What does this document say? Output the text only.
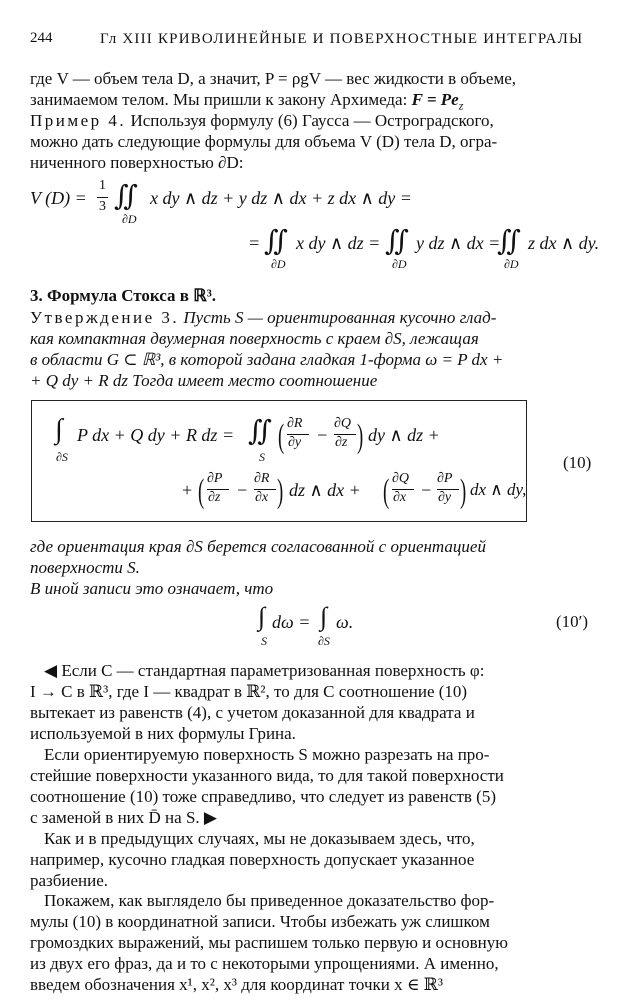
244	Гл XIII КРИВОЛИНЕЙНЫЕ И ПОВЕРХНОСТНЫЕ ИНТЕГРАЛЫ
где V — объем тела D, а значит, P = ρgV — вес жидкости в объеме,
занимаемом телом. Мы пришли к закону Архимеда: $F = Pe_z$
Пример 4. Используя формулу (6) Гаусса — Остроградского,
можно дать следующие формулы для объема V (D) тела D, огра-
ниченного поверхностью ∂D:
V (D) =
1
3 ∬
∂D
x dy ∧ dz + y dz ∧ dx + z dx ∧ dy =
= ∬
∂D
x dy ∧ dz = ∬
∂D
y dz ∧ dx =
∬
∂D
z dx ∧ dy.
3. Формула Стокса в ℝ³.
Утверждение 3. Пусть S — ориентированная кусочно глад-
кая компактная двумерная поверхность с краем ∂S, лежащая
в области G ⊂ ℝ³, в которой задана гладкая 1-форма ω = P dx +
+ Q dy + R dz Тогда имеет место соотношение
∫
∂S
P dx + Q dy + R dz = ∬
S
( ∂R
∂y −
∂Q
∂z ) dy ∧ dz +
+ ( ∂P
∂z −
∂R
∂x ) dz ∧ dx + ( ∂Q
∂x −
∂P
∂y ) dx ∧ dy,
(10)
где ориентация края ∂S берется согласованной с ориентацией
поверхности S.
В иной записи это означает, что
∫
S
dω = ∫
∂S
ω.	(10′)
◀ Если C — стандартная параметризованная поверхность φ:
I → C в ℝ³, где I — квадрат в ℝ², то для C соотношение (10)
вытекает из равенств (4), с учетом доказанной для квадрата и
используемой в них формулы Грина.
Если ориентируемую поверхность S можно разрезать на про-
стейшие поверхности указанного вида, то для такой поверхности
соотношение (10) тоже справедливо, что следует из равенств (5)
с заменой в них D̄ на S. ▶
Как и в предыдущих случаях, мы не доказываем здесь, что,
например, кусочно гладкая поверхность допускает указанное
разбиение.
Покажем, как выглядело бы приведенное доказательство фор-
мулы (10) в координатной записи. Чтобы избежать уж слишком
громоздких выражений, мы распишем только первую и основную
из двух его фраз, да и то с некоторыми упрощениями. А именно,
введем обозначения x¹, x², x³ для координат точки x ∈ ℝ³
